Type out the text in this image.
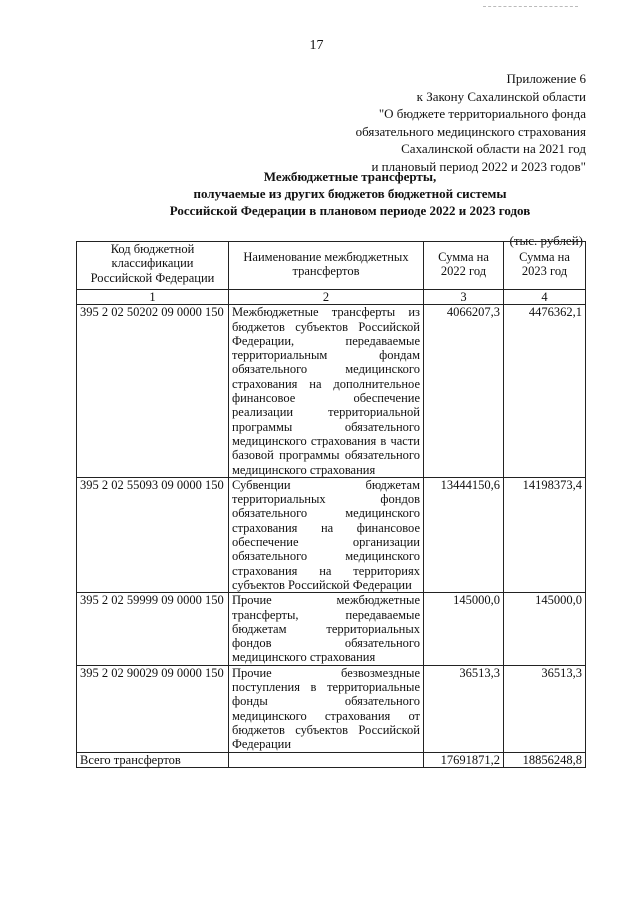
17
Приложение 6
к Закону Сахалинской области
"О бюджете территориального фонда
обязательного медицинского страхования
Сахалинской области на 2021 год
и плановый период 2022 и 2023 годов"
Межбюджетные трансферты,
получаемые из других бюджетов бюджетной системы
Российской Федерации в плановом периоде 2022 и 2023 годов
(тыс. рублей)
Код бюджетной классификации Российской Федерации	Наименование межбюджетных трансфертов	Сумма на 2022 год	Сумма на 2023 год
1	2	3	4
395 2 02 50202 09 0000 150	Межбюджетные трансферты из бюджетов субъектов Российской Федерации, передаваемые территориальным фондам обязательного медицинского страхования на дополнительное финансовое обеспечение реализации территориальной программы обязательного медицинского страхования в части базовой программы обязательного медицинского страхования	4066207,3	4476362,1
395 2 02 55093 09 0000 150	Субвенции бюджетам территориальных фондов обязательного медицинского страхования на финансовое обеспечение организации обязательного медицинского страхования на территориях субъектов Российской Федерации	13444150,6	14198373,4
395 2 02 59999 09 0000 150	Прочие межбюджетные трансферты, передаваемые бюджетам территориальных фондов обязательного медицинского страхования	145000,0	145000,0
395 2 02 90029 09 0000 150	Прочие безвозмездные поступления в территориальные фонды обязательного медицинского страхования от бюджетов субъектов Российской Федерации	36513,3	36513,3
Всего трансфертов		17691871,2	18856248,8
